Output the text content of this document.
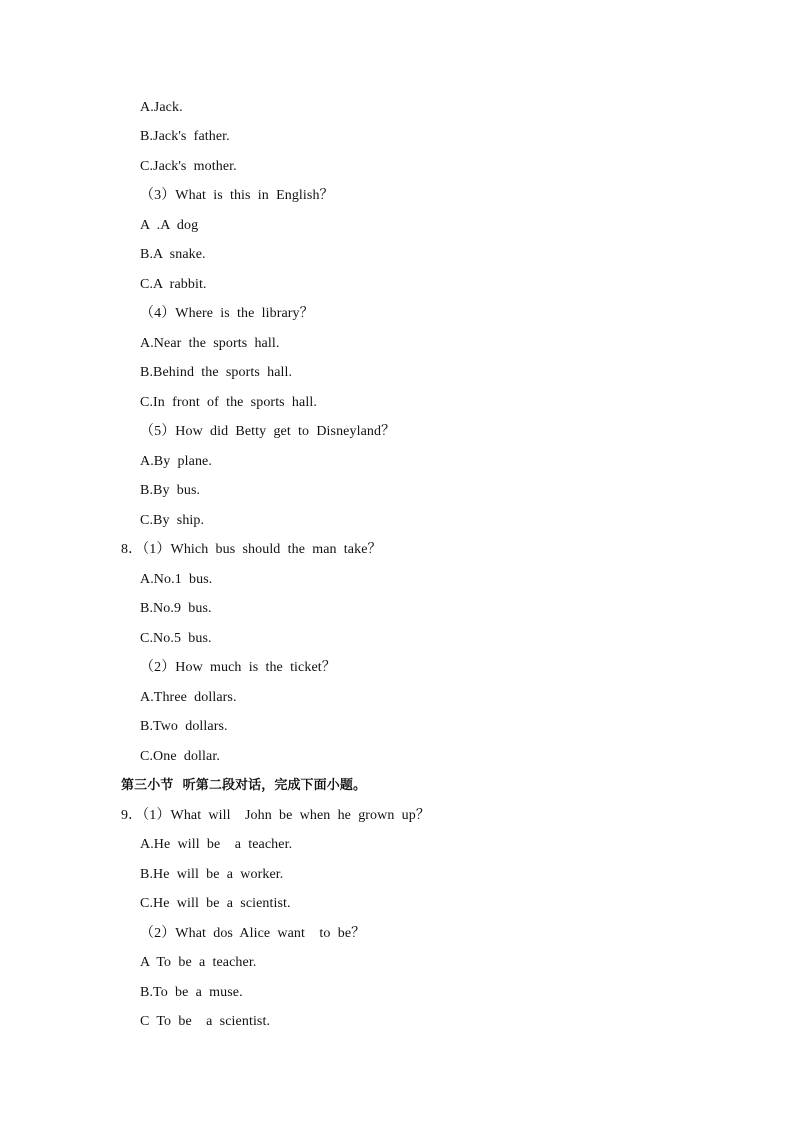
A.Jack.
B.Jack's  father.
C.Jack's  mother.
（3）What  is  this  in  English？
A  .A  dog
B.A  snake.
C.A  rabbit.
（4）Where  is  the  library？
A.Near  the  sports  hall.
B.Behind  the  sports  hall.
C.In  front  of  the  sports  hall.
（5）How  did  Betty  get  to  Disneyland？
A.By  plane.
B.By  bus.
C.By  ship.
8．（1）Which  bus  should  the  man  take？
A.No.1  bus.
B.No.9  bus.
C.No.5  bus.
（2）How  much  is  the  ticket？
A.Three  dollars.
B.Two  dollars.
C.One  dollar.
第三小节  听第二段对话，完成下面小题。
9．（1）What  will    John  be  when  he  grown  up？
A.He  will  be    a  teacher.
B.He  will  be  a  worker.
C.He  will  be  a  scientist.
（2）What  dos  Alice  want    to  be？
A  To  be  a  teacher.
B.To  be  a  muse.
C  To  be    a  scientist.
